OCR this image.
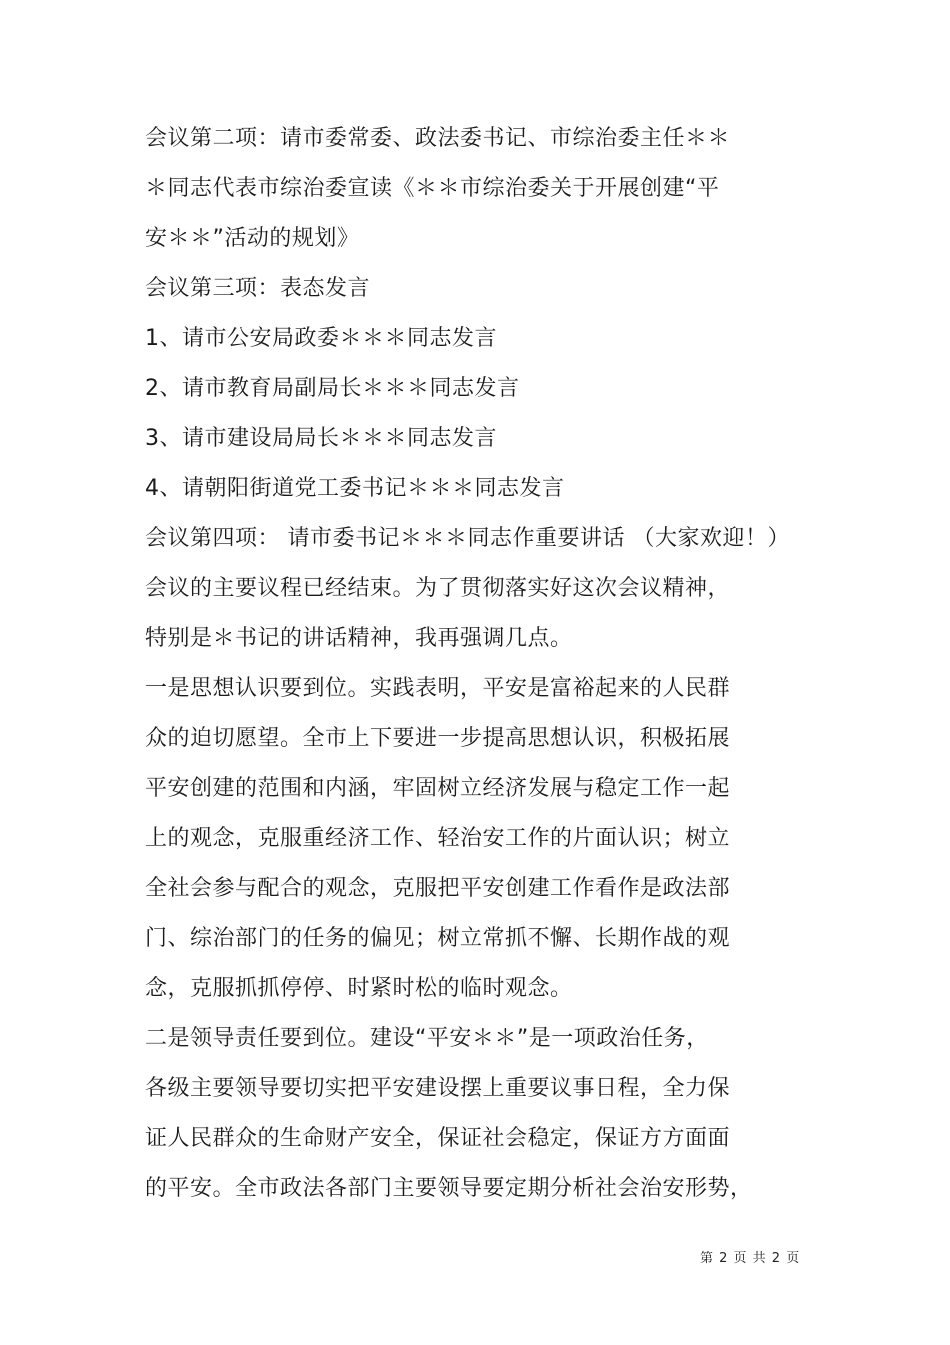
会议第二项：请市委常委、政法委书记、市综治委主任＊＊
＊同志代表市综治委宣读《＊＊市综治委关于开展创建“平
安＊＊”活动的规划》
会议第三项：表态发言
1、请市公安局政委＊＊＊同志发言
2、请市教育局副局长＊＊＊同志发言
3、请市建设局局长＊＊＊同志发言
4、请朝阳街道党工委书记＊＊＊同志发言
会议第四项： 请市委书记＊＊＊同志作重要讲话 （大家欢迎！）
会议的主要议程已经结束。为了贯彻落实好这次会议精神，
特别是＊书记的讲话精神，我再强调几点。
一是思想认识要到位。实践表明，平安是富裕起来的人民群
众的迫切愿望。全市上下要进一步提高思想认识，积极拓展
平安创建的范围和内涵，牢固树立经济发展与稳定工作一起
上的观念，克服重经济工作、轻治安工作的片面认识；树立
全社会参与配合的观念，克服把平安创建工作看作是政法部
门、综治部门的任务的偏见；树立常抓不懈、长期作战的观
念，克服抓抓停停、时紧时松的临时观念。
二是领导责任要到位。建设“平安＊＊”是一项政治任务，
各级主要领导要切实把平安建设摆上重要议事日程，全力保
证人民群众的生命财产安全，保证社会稳定，保证方方面面
的平安。全市政法各部门主要领导要定期分析社会治安形势，
第 2 页 共 2 页
